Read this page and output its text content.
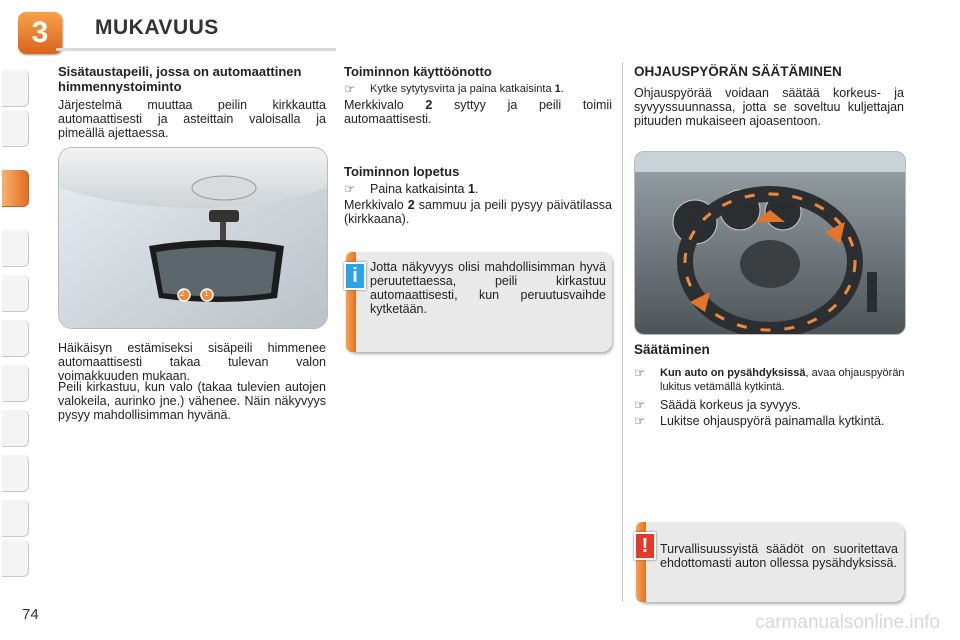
3	MUKAVUUS
Sisätaustapeili, jossa on automaattinen himmennystoiminto

Järjestelmä muuttaa peilin kirkkautta automaattisesti ja asteittain valoisalla ja pimeällä ajettaessa.

2 1

Häikäisyn estämiseksi sisäpeili himmenee automaattisesti takaa tulevan valon voimakkuuden mukaan.

Peili kirkastuu, kun valo (takaa tulevien autojen valokeila, aurinko jne.) vähenee. Näin näkyvyys pysyy mahdollisimman hyvänä.

Toiminnon käyttöönotto
☞	Kytke sytytysvirta ja paina katkaisinta 1.

Merkkivalo 2 syttyy ja peili toimii automaattisesti.

Toiminnon lopetus
☞	Paina katkaisinta 1.

Merkkivalo 2 sammuu ja peili pysyy päivätilassa (kirkkaana).

i Jotta näkyvyys olisi mahdollisimman hyvä peruutettaessa, peili kirkastuu automaattisesti, kun peruutusvaihde kytketään.

OHJAUSPYÖRÄN SÄÄTÄMINEN

Ohjauspyörää voidaan säätää korkeus- ja syvyyssuunnassa, jotta se soveltuu kuljettajan pituuden mukaiseen ajoasentoon.

Säätäminen
☞	Kun auto on pysähdyksissä, avaa ohjauspyörän lukitus vetämällä kytkintä.
☞	Säädä korkeus ja syvyys.
☞	Lukitse ohjauspyörä painamalla kytkintä.
! Turvallisuussyistä säädöt on suoritettava ehdottomasti auton ollessa pysähdyksissä.

74	carmanualsonline.info
